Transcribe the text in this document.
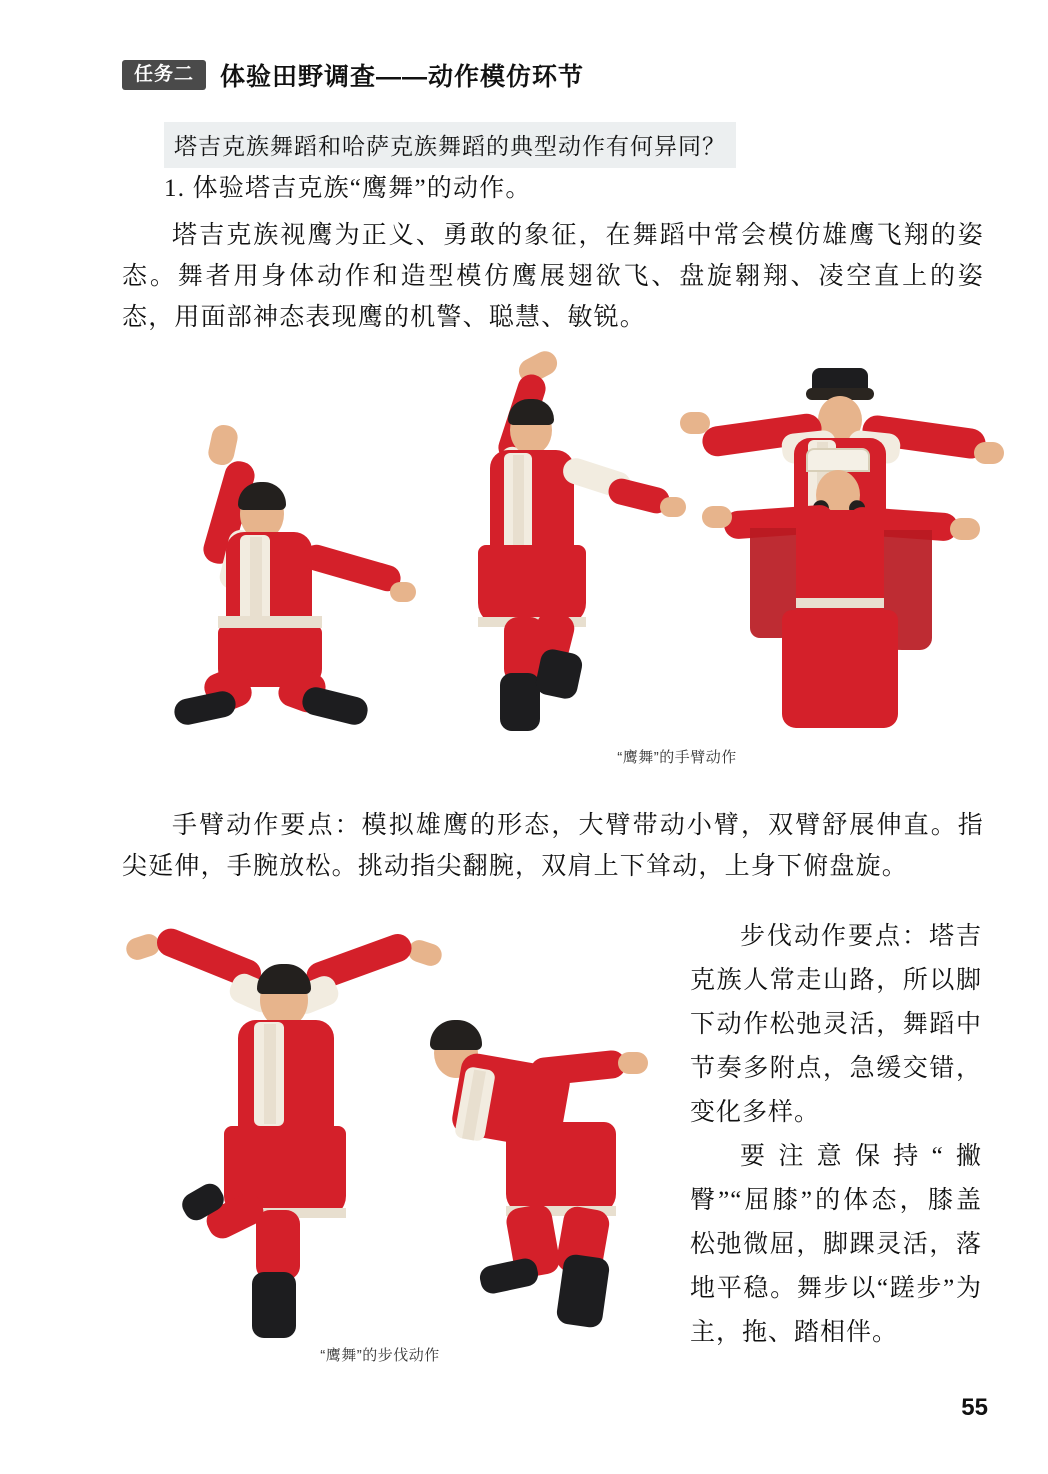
任务二	体验田野调查——动作模仿环节
塔吉克族舞蹈和哈萨克族舞蹈的典型动作有何异同？
1. 体验塔吉克族“鹰舞”的动作。
塔吉克族视鹰为正义、勇敢的象征，在舞蹈中常会模仿雄鹰飞翔的姿态。舞者用身体动作和造型模仿鹰展翅欲飞、盘旋翱翔、凌空直上的姿态，用面部神态表现鹰的机警、聪慧、敏锐。
“鹰舞”的手臂动作
手臂动作要点：模拟雄鹰的形态，大臂带动小臂，双臂舒展伸直。指尖延伸，手腕放松。挑动指尖翻腕，双肩上下耸动，上身下俯盘旋。
“鹰舞”的步伐动作

步伐动作要点：塔吉克族人常走山路，所以脚下动作松弛灵活，舞蹈中节奏多附点，急缓交错，变化多样。

要注意保持“撇臀”“屈膝”的体态，膝盖松弛微屈，脚踝灵活，落地平稳。舞步以“蹉步”为主，拖、踏相伴。

55
